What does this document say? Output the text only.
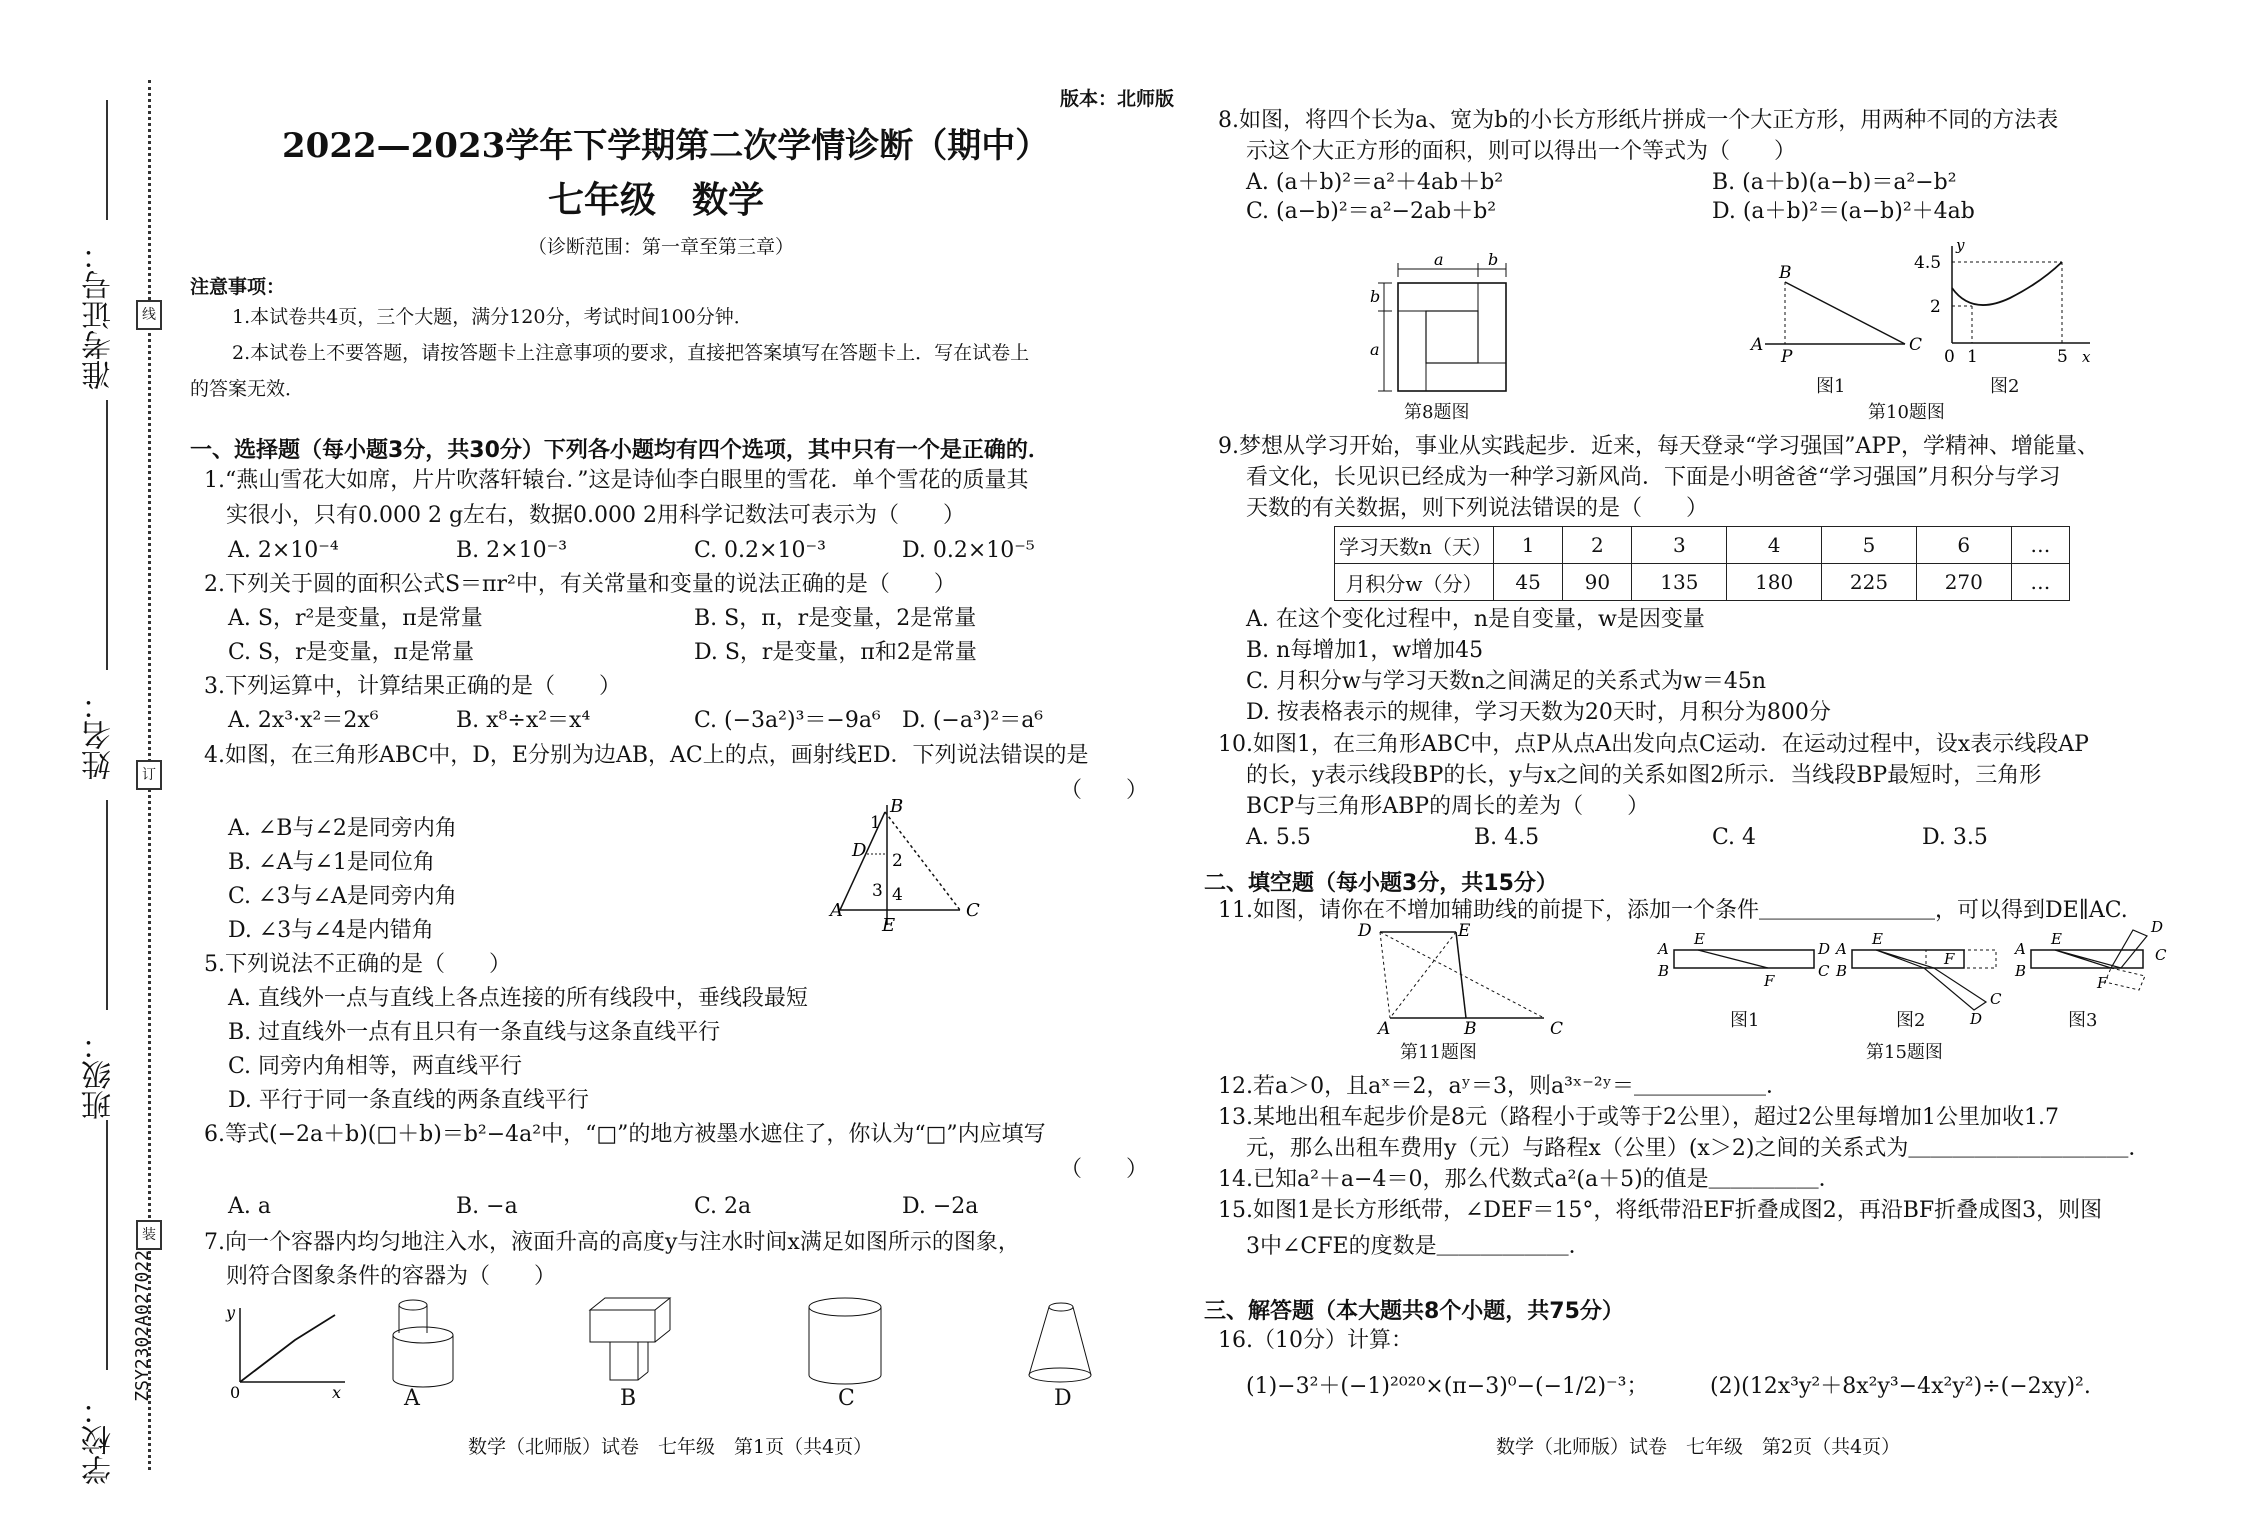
准考证号：
姓名：
班级：
学校：
线
订
装
ZSY2302A027022
版本：北师版
2022—2023学年下学期第二次学情诊断（期中）
七年级　数学
（诊断范围：第一章至第三章）
注意事项：
1.本试卷共4页，三个大题，满分120分，考试时间100分钟．
2.本试卷上不要答题，请按答题卡上注意事项的要求，直接把答案填写在答题卡上．写在试卷上
的答案无效．
一、选择题（每小题3分，共30分）下列各小题均有四个选项，其中只有一个是正确的．
1.“燕山雪花大如席，片片吹落轩辕台．”这是诗仙李白眼里的雪花．单个雪花的质量其
实很小，只有0.000 2 g左右，数据0.000 2用科学记数法可表示为（　　）
A. 2×10⁻⁴	B. 2×10⁻³	C. 0.2×10⁻³	D. 0.2×10⁻⁵
2.下列关于圆的面积公式S＝πr²中，有关常量和变量的说法正确的是（　　）
A. S，r²是变量，π是常量	B. S，π，r是变量，2是常量
C. S，r是变量，π是常量	D. S，r是变量，π和2是常量
3.下列运算中，计算结果正确的是（　　）
A. 2x³·x²＝2x⁶	B. x⁸÷x²＝x⁴	C. (−3a²)³＝−9a⁶ D. (−a³)²＝a⁶
4.如图，在三角形ABC中，D，E分别为边AB，AC上的点，画射线ED．下列说法错误的是
（　　）
A. ∠B与∠2是同旁内角
B. ∠A与∠1是同位角
C. ∠3与∠A是同旁内角
D. ∠3与∠4是内错角
B
1
D 2
3 4
A
E
C
5.下列说法不正确的是（　　）
A. 直线外一点与直线上各点连接的所有线段中，垂线段最短
B. 过直线外一点有且只有一条直线与这条直线平行
C. 同旁内角相等，两直线平行
D. 平行于同一条直线的两条直线平行
6.等式(−2a＋b)(□＋b)＝b²−4a²中，“□”的地方被墨水遮住了，你认为“□”内应填写
（　　）
A. a	B. −a	C. 2a	D. −2a
7.向一个容器内均匀地注入水，液面升高的高度y与注水时间x满足如图所示的图象，
则符合图象条件的容器为（　　）
y
0	x	A	B	C	D
数学（北师版）试卷　七年级　第1页（共4页）
8.如图，将四个长为a、宽为b的小长方形纸片拼成一个大正方形，用两种不同的方法表
示这个大正方形的面积，则可以得出一个等式为（　　）
A. (a＋b)²＝a²＋4ab＋b²	B. (a＋b)(a−b)＝a²−b²
C. (a−b)²＝a²−2ab＋b²	D. (a＋b)²＝(a−b)²＋4ab
a	b
b
a
第8题图
B
A
P
C
4.5
2
0 1	5 x
y
图1	图2
第10题图
9.梦想从学习开始，事业从实践起步．近来，每天登录“学习强国”APP，学精神、增能量、
看文化，长见识已经成为一种学习新风尚．下面是小明爸爸“学习强国”月积分与学习
天数的有关数据，则下列说法错误的是（　　）
学习天数n（天）	1	2	3	4	5	6	…
月积分w（分）	45	90	135	180	225	270	…
A. 在这个变化过程中，n是自变量，w是因变量
B. n每增加1，w增加45
C. 月积分w与学习天数n之间满足的关系式为w＝45n
D. 按表格表示的规律，学习天数为20天时，月积分为800分
10.如图1，在三角形ABC中，点P从点A出发向点C运动．在运动过程中，设x表示线段AP
的长，y表示线段BP的长，y与x之间的关系如图2所示．当线段BP最短时，三角形
BCP与三角形ABP的周长的差为（　　）
A. 5.5	B. 4.5	C. 4	D. 3.5
二、填空题（每小题3分，共15分）
11.如图，请你在不增加辅助线的前提下，添加一个条件＿＿＿＿＿＿＿＿，可以得到DE∥AC.
D	E
A	B	C
第11题图
A
E
D
B
F
C
A
E
B
F
C
D
A
E
B
F
D
C
图1	图2	图3
第15题图
12.若a＞0，且aˣ＝2，aʸ＝3，则a³ˣ⁻²ʸ＝＿＿＿＿＿＿．
13.某地出租车起步价是8元（路程小于或等于2公里），超过2公里每增加1公里加收1.7
元，那么出租车费用y（元）与路程x（公里）(x＞2)之间的关系式为＿＿＿＿＿＿＿＿＿＿．
14.已知a²＋a−4＝0，那么代数式a²(a＋5)的值是＿＿＿＿＿．
15.如图1是长方形纸带，∠DEF＝15°，将纸带沿EF折叠成图2，再沿BF折叠成图3，则图
3中∠CFE的度数是＿＿＿＿＿＿．
三、解答题（本大题共8个小题，共75分）
16.（10分）计算：
(1)−3²＋(−1)²⁰²⁰×(π−3)⁰−(−1/2)⁻³；	(2)(12x³y²＋8x²y³−4x²y²)÷(−2xy)².
数学（北师版）试卷　七年级　第2页（共4页）
